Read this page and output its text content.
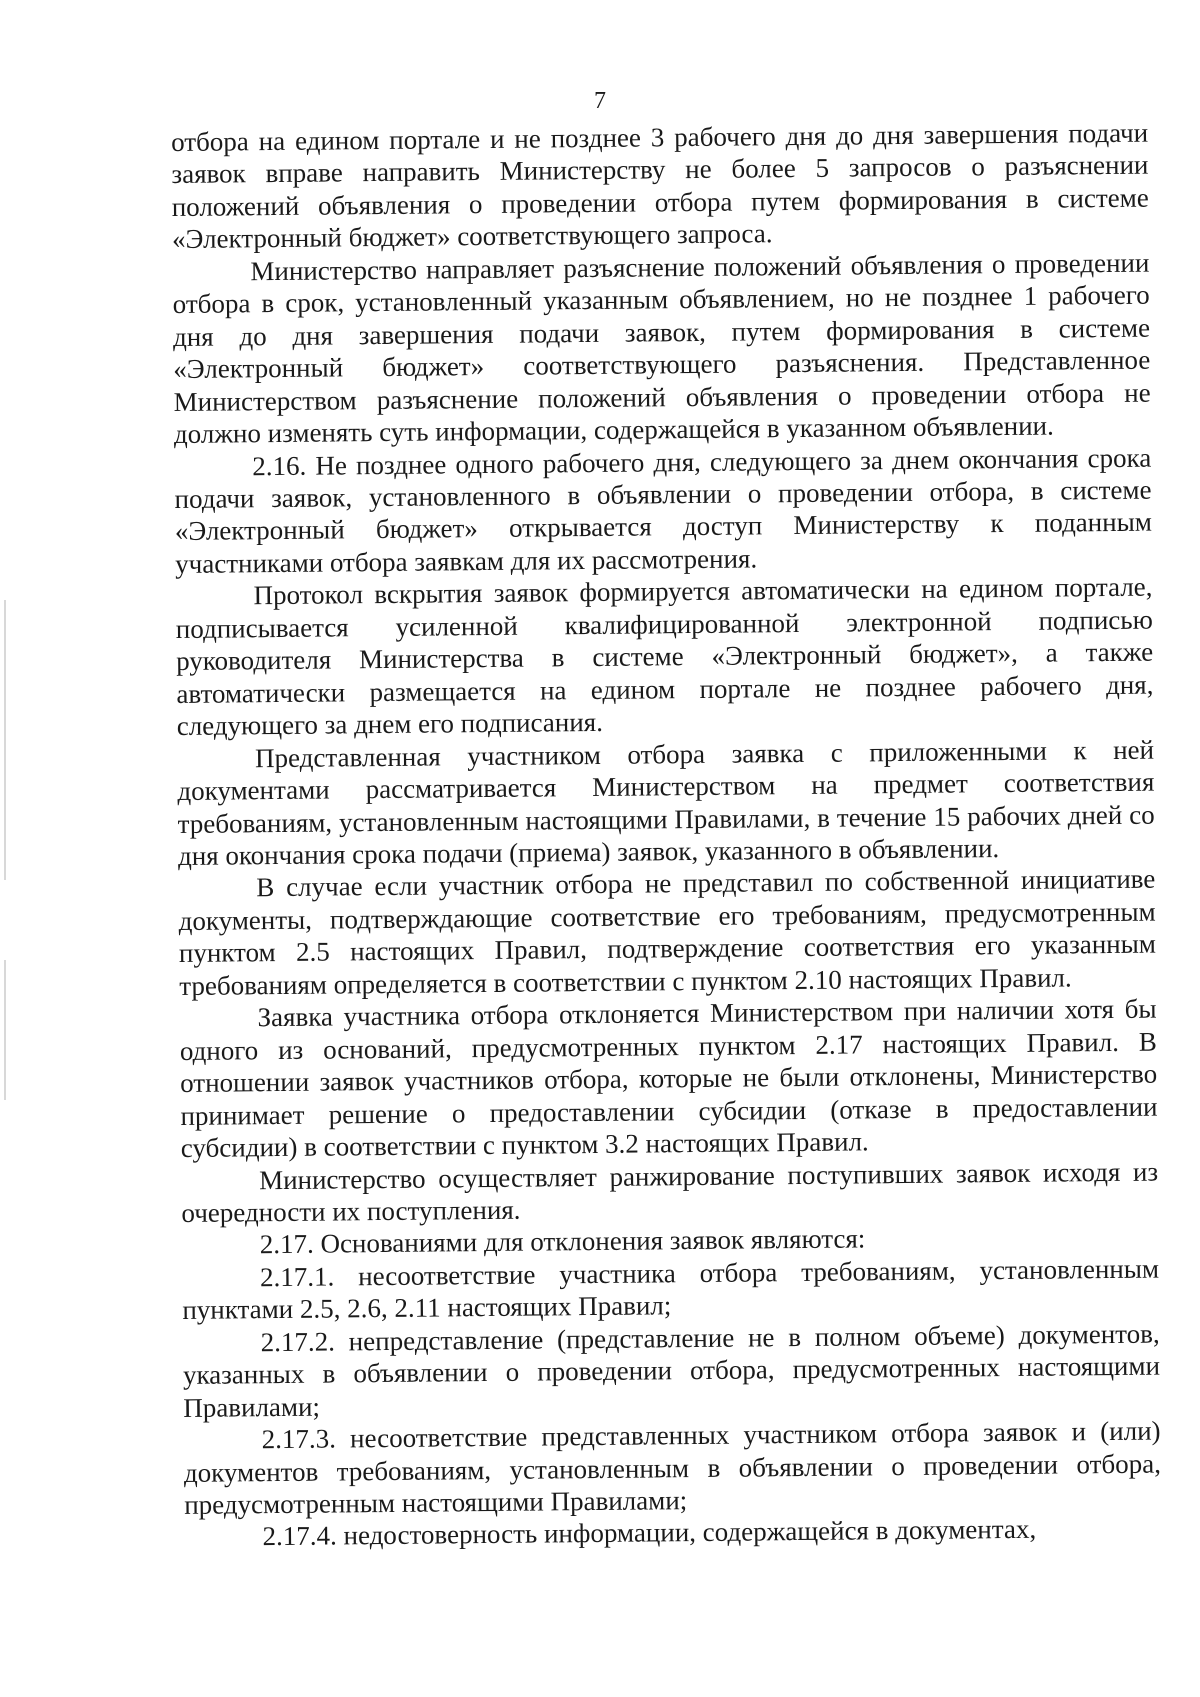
7

отбора на едином портале и не позднее 3 рабочего дня до дня завершения подачи заявок вправе направить Министерству не более 5 запросов о разъяснении положений объявления о проведении отбора путем формирования в системе «Электронный бюджет» соответствующего запроса.

Министерство направляет разъяснение положений объявления о проведении отбора в срок, установленный указанным объявлением, но не позднее 1 рабочего дня до дня завершения подачи заявок, путем формирования в системе «Электронный бюджет» соответствующего разъяснения. Представленное Министерством разъяснение положений объявления о проведении отбора не должно изменять суть информации, содержащейся в указанном объявлении.

2.16. Не позднее одного рабочего дня, следующего за днем окончания срока подачи заявок, установленного в объявлении о проведении отбора, в системе «Электронный бюджет» открывается доступ Министерству к поданным участниками отбора заявкам для их рассмотрения.

Протокол вскрытия заявок формируется автоматически на едином портале, подписывается усиленной квалифицированной электронной подписью руководителя Министерства в системе «Электронный бюджет», а также автоматически размещается на едином портале не позднее рабочего дня, следующего за днем его подписания.

Представленная участником отбора заявка с приложенными к ней документами рассматривается Министерством на предмет соответствия требованиям, установленным настоящими Правилами, в течение 15 рабочих дней со дня окончания срока подачи (приема) заявок, указанного в объявлении.

В случае если участник отбора не представил по собственной инициативе документы, подтверждающие соответствие его требованиям, предусмотренным пунктом 2.5 настоящих Правил, подтверждение соответствия его указанным требованиям определяется в соответствии с пунктом 2.10 настоящих Правил.

Заявка участника отбора отклоняется Министерством при наличии хотя бы одного из оснований, предусмотренных пунктом 2.17 настоящих Правил. В отношении заявок участников отбора, которые не были отклонены, Министерство принимает решение о предоставлении субсидии (отказе в предоставлении субсидии) в соответствии с пунктом 3.2 настоящих Правил.

Министерство осуществляет ранжирование поступивших заявок исходя из очередности их поступления.

2.17. Основаниями для отклонения заявок являются:

2.17.1. несоответствие участника отбора требованиям, установленным пунктами 2.5, 2.6, 2.11 настоящих Правил;

2.17.2. непредставление (представление не в полном объеме) документов, указанных в объявлении о проведении отбора, предусмотренных настоящими Правилами;

2.17.3. несоответствие представленных участником отбора заявок и (или) документов требованиям, установленным в объявлении о проведении отбора, предусмотренным настоящими Правилами;

2.17.4. недостоверность информации, содержащейся в документах,
